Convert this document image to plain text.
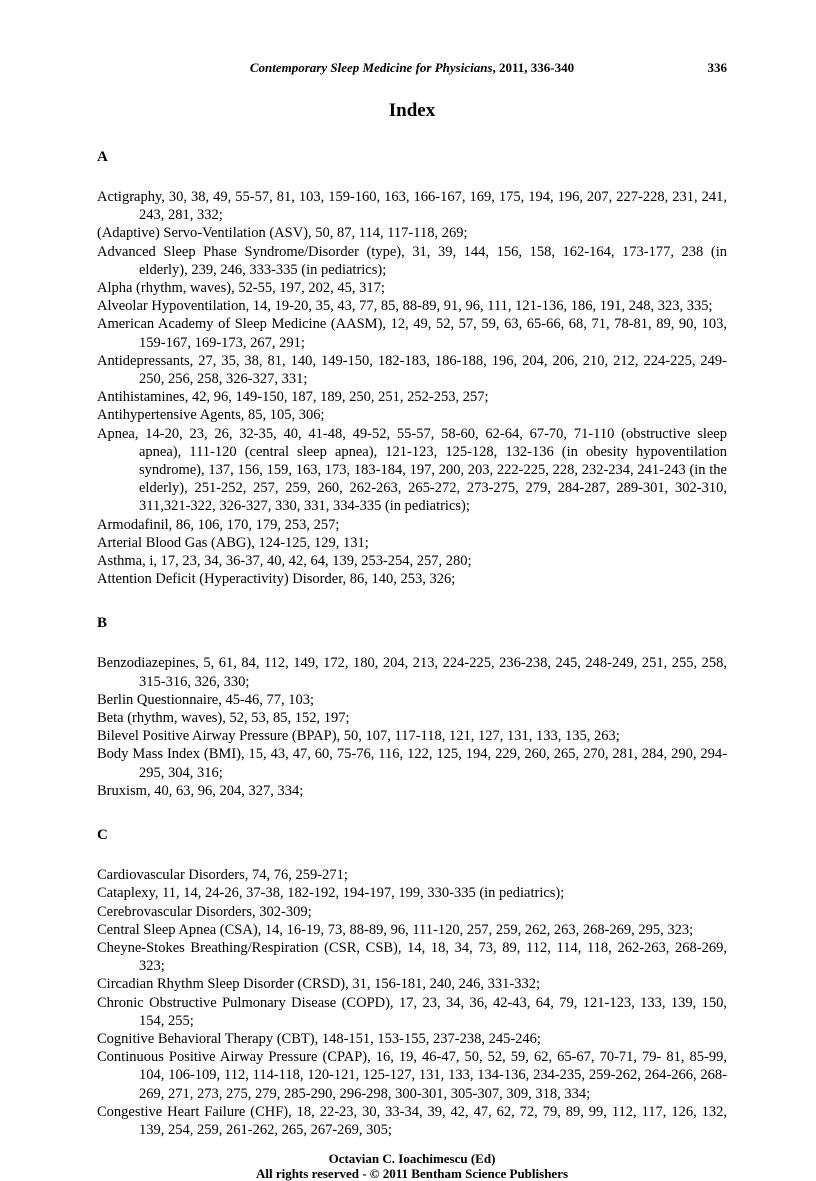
Contemporary Sleep Medicine for Physicians, 2011, 336-340	336
Index
A

Actigraphy, 30, 38, 49, 55-57, 81, 103, 159-160, 163, 166-167, 169, 175, 194, 196, 207, 227-228, 231, 241, 243, 281, 332;

(Adaptive) Servo-Ventilation (ASV), 50, 87, 114, 117-118, 269;

Advanced Sleep Phase Syndrome/Disorder (type), 31, 39, 144, 156, 158, 162-164, 173-177, 238 (in elderly), 239, 246, 333-335 (in pediatrics);

Alpha (rhythm, waves), 52-55, 197, 202, 45, 317;

Alveolar Hypoventilation, 14, 19-20, 35, 43, 77, 85, 88-89, 91, 96, 111, 121-136, 186, 191, 248, 323, 335;

American Academy of Sleep Medicine (AASM), 12, 49, 52, 57, 59, 63, 65-66, 68, 71, 78-81, 89, 90, 103, 159-167, 169-173, 267, 291;

Antidepressants, 27, 35, 38, 81, 140, 149-150, 182-183, 186-188, 196, 204, 206, 210, 212, 224-225, 249-250, 256, 258, 326-327, 331;

Antihistamines, 42, 96, 149-150, 187, 189, 250, 251, 252-253, 257;

Antihypertensive Agents, 85, 105, 306;

Apnea, 14-20, 23, 26, 32-35, 40, 41-48, 49-52, 55-57, 58-60, 62-64, 67-70, 71-110 (obstructive sleep apnea), 111-120 (central sleep apnea), 121-123, 125-128, 132-136 (in obesity hypoventilation syndrome), 137, 156, 159, 163, 173, 183-184, 197, 200, 203, 222-225, 228, 232-234, 241-243 (in the elderly), 251-252, 257, 259, 260, 262-263, 265-272, 273-275, 279, 284-287, 289-301, 302-310, 311,321-322, 326-327, 330, 331, 334-335 (in pediatrics);

Armodafinil, 86, 106, 170, 179, 253, 257;

Arterial Blood Gas (ABG), 124-125, 129, 131;

Asthma, i, 17, 23, 34, 36-37, 40, 42, 64, 139, 253-254, 257, 280;

Attention Deficit (Hyperactivity) Disorder, 86, 140, 253, 326;

B

Benzodiazepines, 5, 61, 84, 112, 149, 172, 180, 204, 213, 224-225, 236-238, 245, 248-249, 251, 255, 258, 315-316, 326, 330;

Berlin Questionnaire, 45-46, 77, 103;

Beta (rhythm, waves), 52, 53, 85, 152, 197;

Bilevel Positive Airway Pressure (BPAP), 50, 107, 117-118, 121, 127, 131, 133, 135, 263;

Body Mass Index (BMI), 15, 43, 47, 60, 75-76, 116, 122, 125, 194, 229, 260, 265, 270, 281, 284, 290, 294-295, 304, 316;

Bruxism, 40, 63, 96, 204, 327, 334;

C

Cardiovascular Disorders, 74, 76, 259-271;

Cataplexy, 11, 14, 24-26, 37-38, 182-192, 194-197, 199, 330-335 (in pediatrics);

Cerebrovascular Disorders, 302-309;

Central Sleep Apnea (CSA), 14, 16-19, 73, 88-89, 96, 111-120, 257, 259, 262, 263, 268-269, 295, 323;

Cheyne-Stokes Breathing/Respiration (CSR, CSB), 14, 18, 34, 73, 89, 112, 114, 118, 262-263, 268-269, 323;

Circadian Rhythm Sleep Disorder (CRSD), 31, 156-181, 240, 246, 331-332;

Chronic Obstructive Pulmonary Disease (COPD), 17, 23, 34, 36, 42-43, 64, 79, 121-123, 133, 139, 150, 154, 255;

Cognitive Behavioral Therapy (CBT), 148-151, 153-155, 237-238, 245-246;

Continuous Positive Airway Pressure (CPAP), 16, 19, 46-47, 50, 52, 59, 62, 65-67, 70-71, 79- 81, 85-99, 104, 106-109, 112, 114-118, 120-121, 125-127, 131, 133, 134-136, 234-235, 259-262, 264-266, 268-269, 271, 273, 275, 279, 285-290, 296-298, 300-301, 305-307, 309, 318, 334;

Congestive Heart Failure (CHF), 18, 22-23, 30, 33-34, 39, 42, 47, 62, 72, 79, 89, 99, 112, 117, 126, 132, 139, 254, 259, 261-262, 265, 267-269, 305;

Octavian C. Ioachimescu (Ed)
All rights reserved - © 2011 Bentham Science Publishers
